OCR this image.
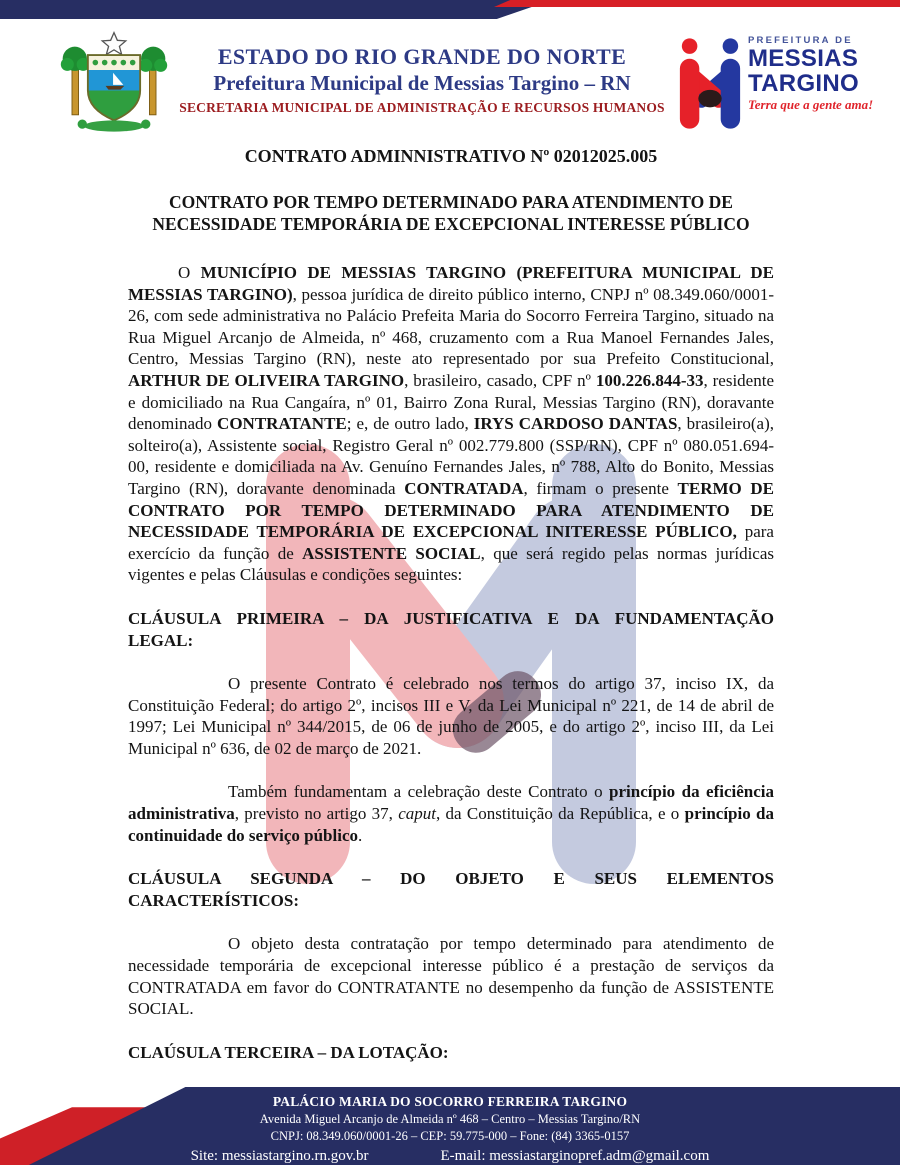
ESTADO DO RIO GRANDE DO NORTE
Prefeitura Municipal de Messias Targino – RN
SECRETARIA MUNICIPAL DE ADMINISTRAÇÃO E RECURSOS HUMANOS
PREFEITURA DE
MESSIAS
TARGINO
Terra que a gente ama!
CONTRATO ADMINNISTRATIVO Nº 02012025.005
CONTRATO POR TEMPO DETERMINADO PARA ATENDIMENTO DE NECESSIDADE TEMPORÁRIA DE EXCEPCIONAL INTERESSE PÚBLICO

O MUNICÍPIO DE MESSIAS TARGINO (PREFEITURA MUNICIPAL DE MESSIAS TARGINO), pessoa jurídica de direito público interno, CNPJ nº 08.349.060/0001-26, com sede administrativa no Palácio Prefeita Maria do Socorro Ferreira Targino, situado na Rua Miguel Arcanjo de Almeida, nº 468, cruzamento com a Rua Manoel Fernandes Jales, Centro, Messias Targino (RN), neste ato representado por sua Prefeito Constitucional, ARTHUR DE OLIVEIRA TARGINO, brasileiro, casado, CPF nº 100.226.844-33, residente e domiciliado na Rua Cangaíra, nº 01, Bairro Zona Rural, Messias Targino (RN), doravante denominado CONTRATANTE; e, de outro lado, IRYS CARDOSO DANTAS, brasileiro(a), solteiro(a), Assistente social, Registro Geral nº 002.779.800 (SSP/RN), CPF nº 080.051.694-00, residente e domiciliada na Av. Genuíno Fernandes Jales, nº 788, Alto do Bonito, Messias Targino (RN), doravante denominada CONTRATADA, firmam o presente TERMO DE CONTRATO POR TEMPO DETERMINADO PARA ATENDIMENTO DE NECESSIDADE TEMPORÁRIA DE EXCEPCIONAL INITERESSE PÚBLICO, para exercício da função de ASSISTENTE SOCIAL, que será regido pelas normas jurídicas vigentes e pelas Cláusulas e condições seguintes:

CLÁUSULA PRIMEIRA – DA JUSTIFICATIVA E DA FUNDAMENTAÇÃO
LEGAL:

O presente Contrato é celebrado nos termos do artigo 37, inciso IX, da Constituição Federal; do artigo 2º, incisos III e V, da Lei Municipal nº 221, de 14 de abril de 1997; Lei Municipal nº 344/2015, de 06 de junho de 2005, e do artigo 2º, inciso III, da Lei Municipal nº 636, de 02 de março de 2021.

Também fundamentam a celebração deste Contrato o princípio da eficiência administrativa, previsto no artigo 37, caput, da Constituição da República, e o princípio da continuidade do serviço público.

CLÁUSULA SEGUNDA – DO OBJETO E SEUS ELEMENTOS
CARACTERÍSTICOS:

O objeto desta contratação por tempo determinado para atendimento de necessidade temporária de excepcional interesse público é a prestação de serviços da CONTRATADA em favor do CONTRATANTE no desempenho da função de ASSISTENTE SOCIAL.

CLAÚSULA TERCEIRA – DA LOTAÇÃO:
PALÁCIO MARIA DO SOCORRO FERREIRA TARGINO
Avenida Miguel Arcanjo de Almeida nº 468 – Centro – Messias Targino/RN
CNPJ: 08.349.060/0001-26 – CEP: 59.775-000 – Fone: (84) 3365-0157
Site: messiastargino.rn.gov.br	E-mail: messiastarginopref.adm@gmail.com
